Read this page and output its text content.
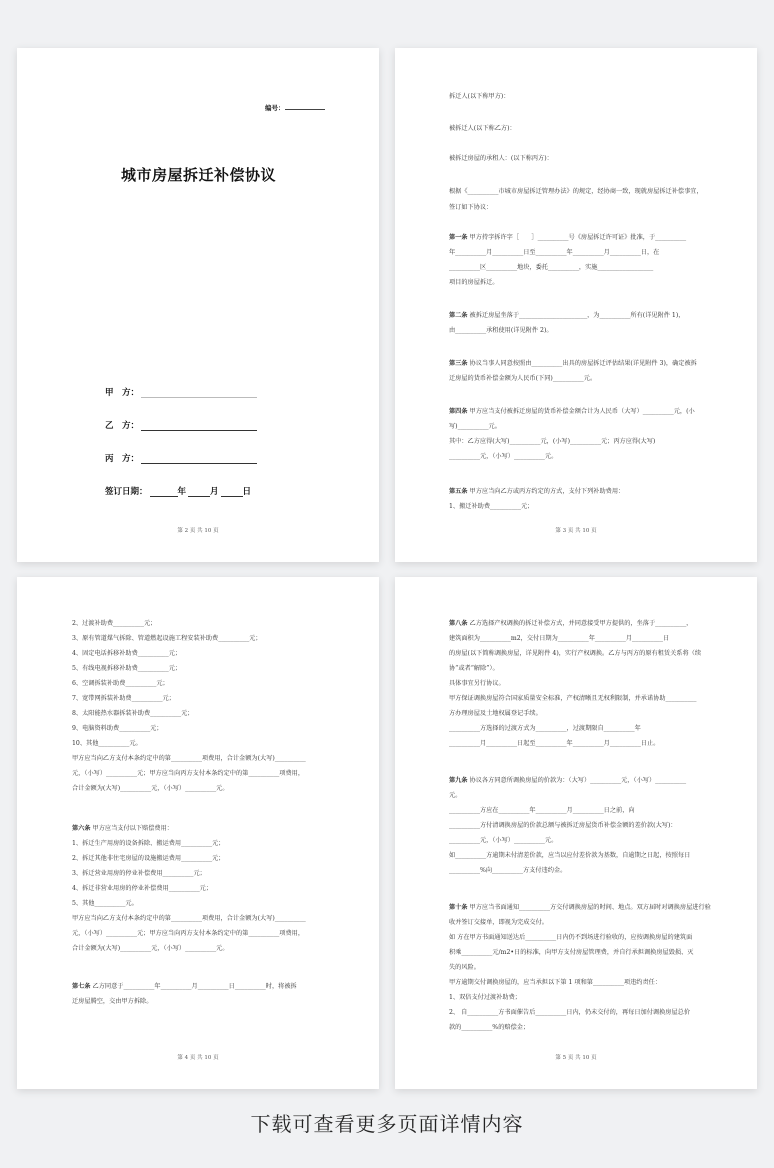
编号：
城市房屋拆迁补偿协议
甲　方：
乙　方：
丙　方：
签订日期：	年	月	日
第 2 页 共 10 页
拆迁人(以下称甲方)：
被拆迁人(以下称乙方)：
被拆迁房屋的承租人：(以下称丙方)：
根据《__________市城市房屋拆迁管理办法》的规定，经协商一致，现就房屋拆迁补偿事宜，
签订如下协议：

第一条 甲方持字拆许字［　　］__________号《房屋拆迁许可证》批准，于__________

年__________月__________日至__________年__________月__________日，在

__________区__________地块，委托__________，实施__________________

项目的房屋拆迁。

第二条 被拆迁房屋坐落于______________________，为__________所有(详见附件 1)，

由__________承租使用(详见附件 2)。

第三条 协议当事人同意按照由__________出具的房屋拆迁评估结果(详见附件 3)，确定被拆

迁房屋的货币补偿金额为人民币(下同)__________元。

第四条 甲方应当支付被拆迁房屋的货币补偿金额合计为人民币（大写）__________元，(小

写)__________元。

其中：乙方应得(大写)__________元，(小写)__________元；丙方应得(大写)

__________元，（小写）__________元。

第五条 甲方应当向乙方或丙方约定的方式，支付下列补助费用：

1、搬迁补助费__________元；

第 3 页 共 10 页

2、过渡补助费__________元；

3、原有管道煤气拆除、管道燃起设施工程安装补助费__________元；

4、固定电话拆移补助费__________元；

5、有线电视拆移补助费__________元；

6、空调拆装补助费__________元；

7、宽带网拆装补助费__________元；

8、太阳能热水器拆装补助费__________元；

9、电脑资料助费__________元；

10、其他__________元。

甲方应当向乙方支付本条约定中的第__________项费用，合计金额为(大写)__________

元，（小写）__________元；甲方应当向丙方支付本条约定中的第__________项费用，

合计金额为(大写)__________元，（小写）__________元。

第六条 甲方应当支付以下赔偿费用：

1、拆迁生产用房的设备拆除、搬运费用__________元；

2、拆迁其他非住宅房屋的设施搬运费用__________元；

3、拆迁营业用房的停业补偿费用__________元；

4、拆迁非营业用房的停业补偿费用__________元；

5、其他__________元。

甲方应当向乙方支付本条约定中的第__________项费用，合计金额为(大写)__________

元，（小写）__________元；甲方应当向丙方支付本条约定中的第__________项费用，

合计金额为(大写)__________元，（小写）__________元。

第七条 乙方同意于__________年__________月__________日__________时，将被拆

迁房屋腾空，交由甲方拆除。

第 4 页 共 10 页

第八条 乙方选择产权调换的拆迁补偿方式，并同意接受甲方提供的，坐落于__________，

建筑面积为__________m2，交付日期为__________年__________月__________日

的房屋(以下简称调换房屋，详见附件 4)，实行产权调换。乙方与丙方的原有租赁关系将（续

协“或者“解除”）。

具体事宜另行协议。

甲方保证调换房屋符合国家质量安全标准，产权清晰且无权利限制，并承诺协助__________

方办理房屋及土地权属登记手续。

__________方选择的过渡方式为__________，过渡期限自__________年

__________月__________日起至__________年__________月__________日止。

第九条 协议各方同意所调换房屋的价款为：（大写）__________元，（小写）__________

元。

__________方应在__________年__________月__________日之前，向

__________方付清调换房屋的价款总额与被拆迁房屋货币补偿金额的差价款(大写)：

__________元，（小写）__________元。

如__________方逾期未付清差价款，应当以应付差价款为基数，自逾期之日起，按照每日

__________%向__________方支付违约金。

第十条 甲方应当书面通知__________方交付调换房屋的时间、地点。双方届时对调换房屋进行验

收并签订交接单，即视为完成交付。

如 方在甲方书面通知送达后__________日内仍不到场进行验收的，应按调换房屋的建筑面

积乘__________元/m2•日的标准，向甲方支付房屋管理费，并自行承担调换房屋毁损、灭

失的风险。

甲方逾期交付调换房屋的，应当承担以下第 1 项和第__________项违约责任：

1、双倍支付过渡补助费；

2、 自__________方书面催告后__________日内，仍未交付的，再每日加付调换房屋总价

款的__________%的赔偿金；

第 5 页 共 10 页
下载可查看更多页面详情内容
